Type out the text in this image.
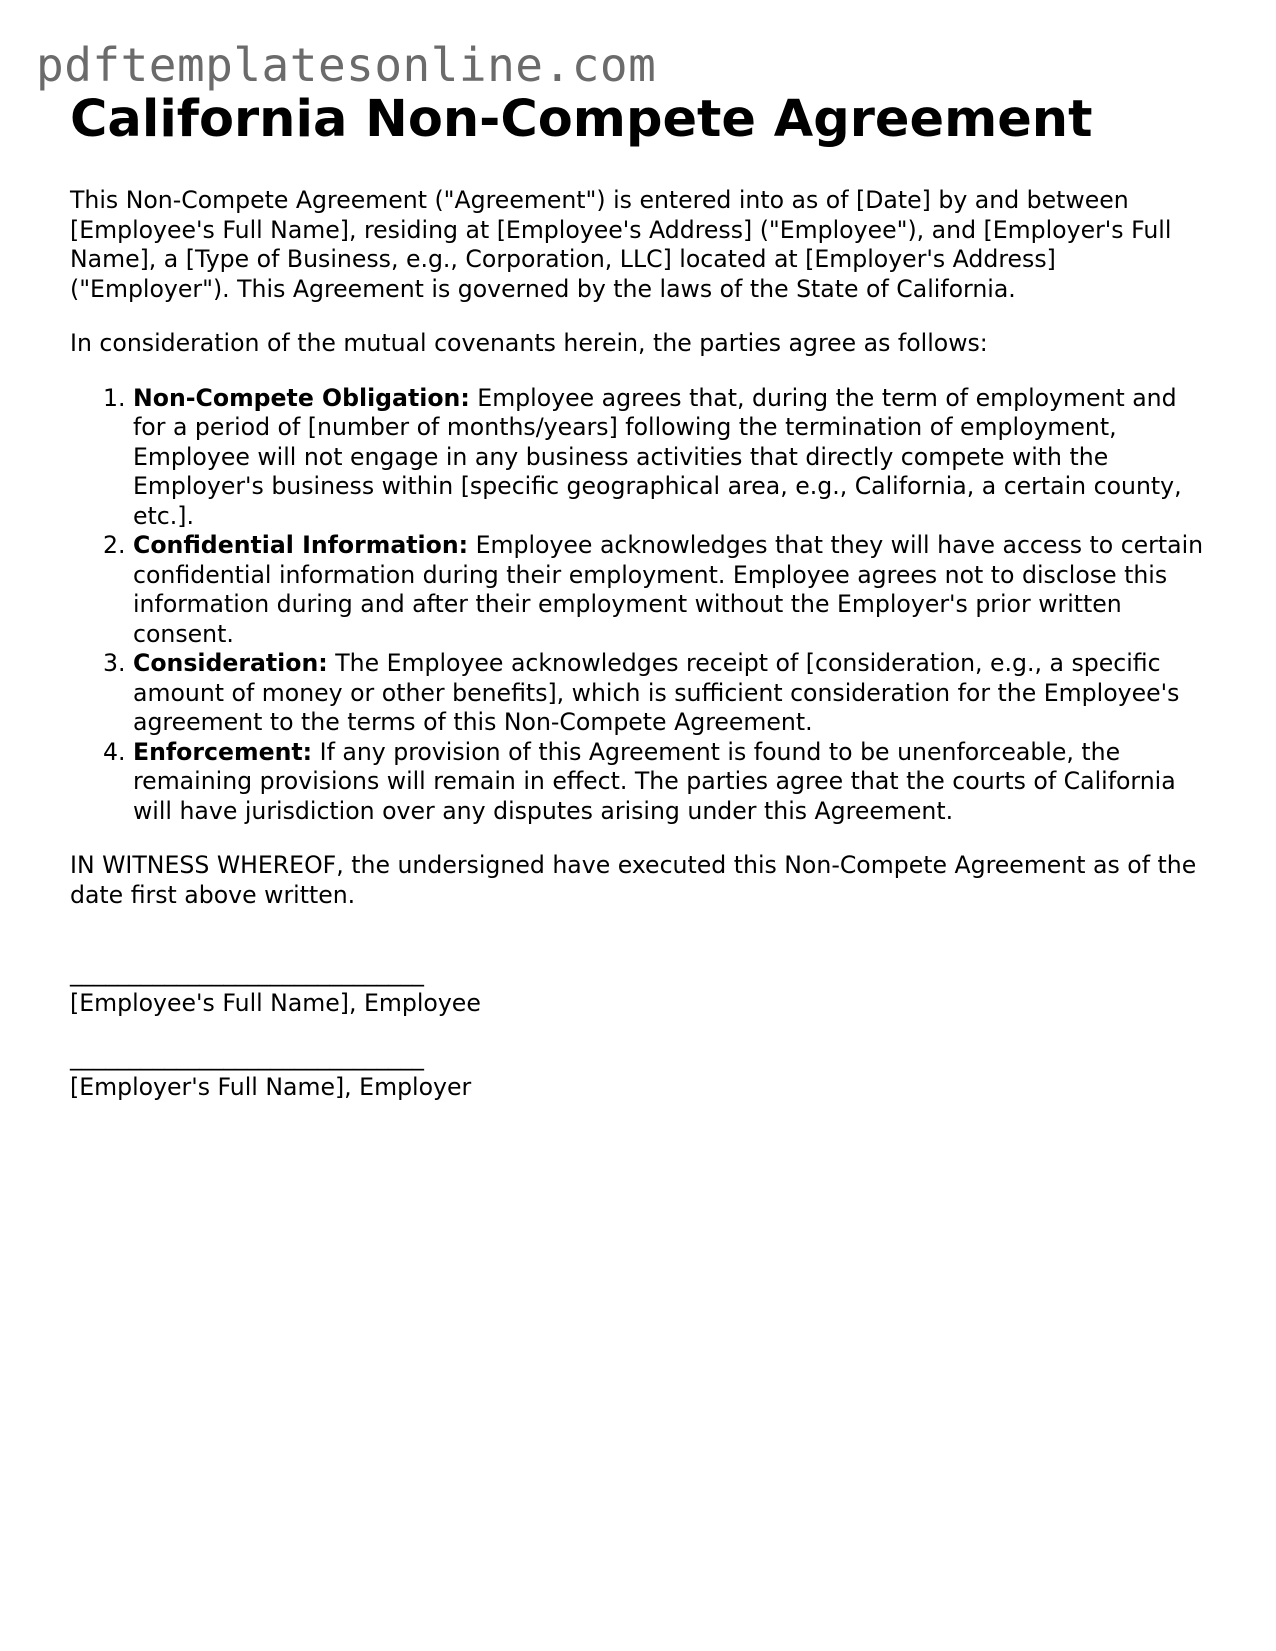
pdftemplatesonline.com
California Non-Compete Agreement

This Non-Compete Agreement ("Agreement") is entered into as of [Date] by and between [Employee's Full Name], residing at [Employee's Address] ("Employee"), and [Employer's Full Name], a [Type of Business, e.g., Corporation, LLC] located at [Employer's Address] ("Employer"). This Agreement is governed by the laws of the State of California.

In consideration of the mutual covenants herein, the parties agree as follows:

1. Non-Compete Obligation: Employee agrees that, during the term of employment and for a period of [number of months/years] following the termination of employment, Employee will not engage in any business activities that directly compete with the Employer's business within [specific geographical area, e.g., California, a certain county, etc.].
2. Confidential Information: Employee acknowledges that they will have access to certain confidential information during their employment. Employee agrees not to disclose this information during and after their employment without the Employer's prior written consent.
3. Consideration: The Employee acknowledges receipt of [consideration, e.g., a specific amount of money or other benefits], which is sufficient consideration for the Employee's agreement to the terms of this Non-Compete Agreement.
4. Enforcement: If any provision of this Agreement is found to be unenforceable, the remaining provisions will remain in effect. The parties agree that the courts of California will have jurisdiction over any disputes arising under this Agreement.

IN WITNESS WHEREOF, the undersigned have executed this Non-Compete Agreement as of the date first above written.

______________________________
[Employee's Full Name], Employee
______________________________
[Employer's Full Name], Employer
